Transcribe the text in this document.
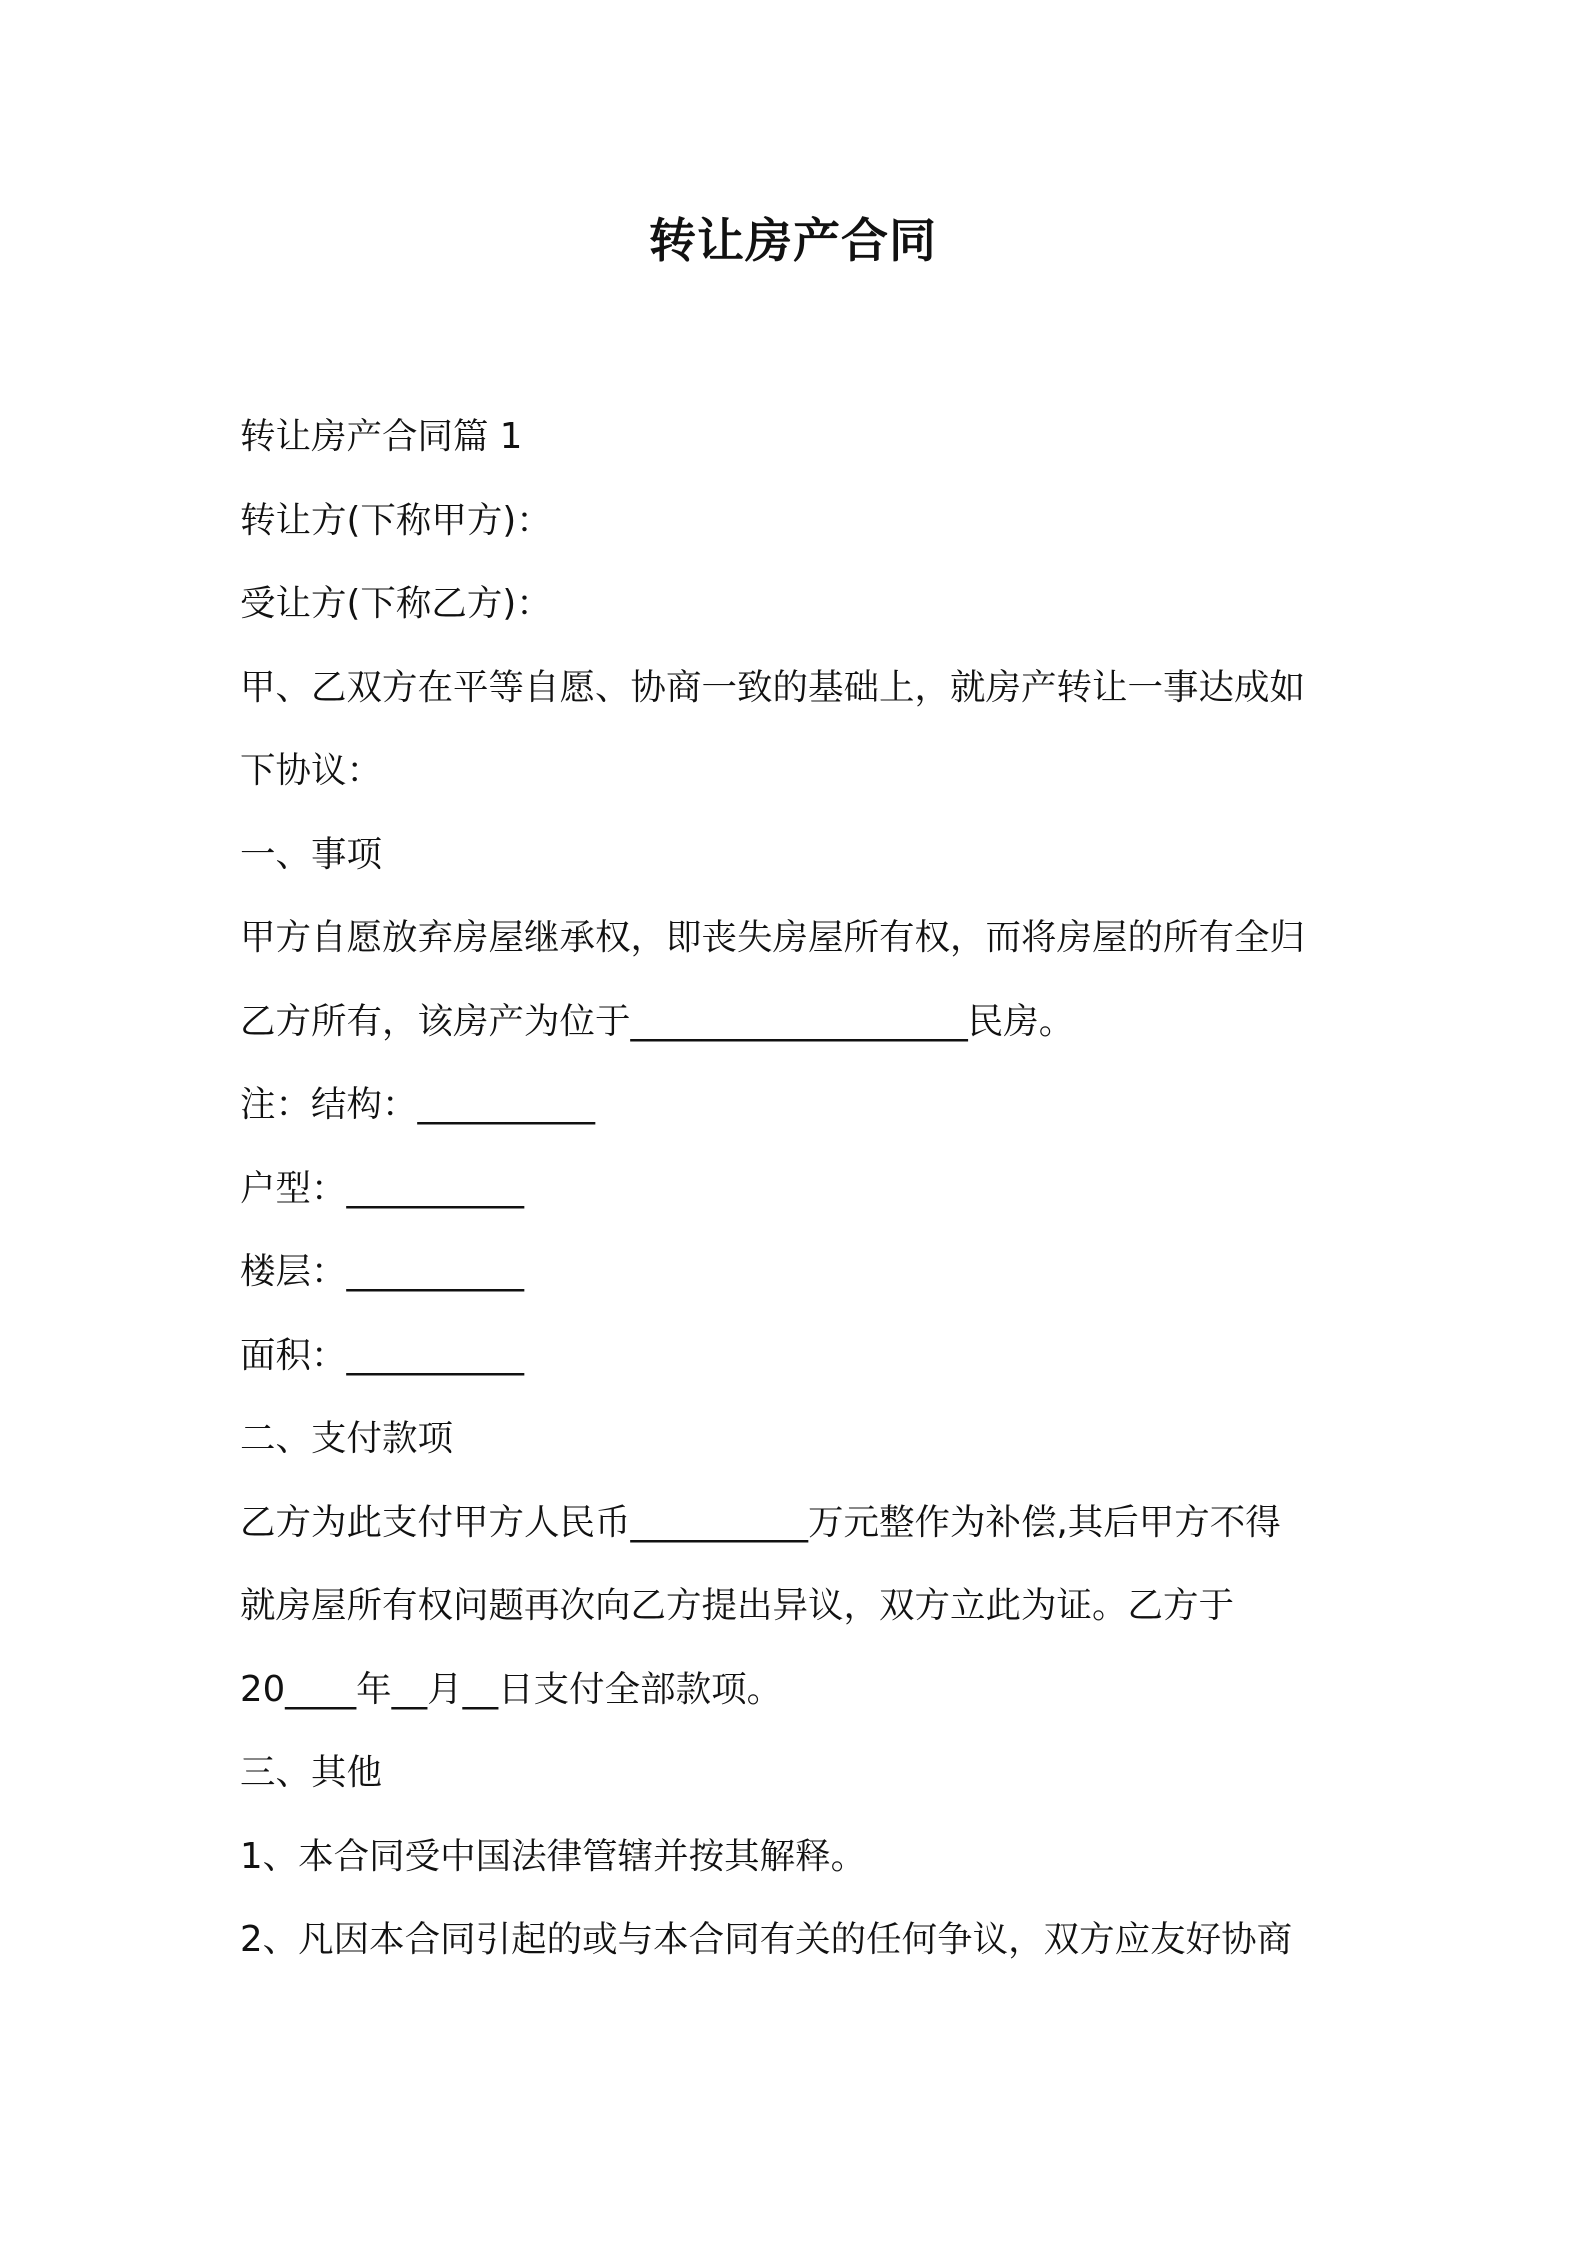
转让房产合同
转让房产合同篇 1
转让方(下称甲方)：
受让方(下称乙方)：
甲、乙双方在平等自愿、协商一致的基础上，就房产转让一事达成如
下协议：
一、事项
甲方自愿放弃房屋继承权，即丧失房屋所有权，而将房屋的所有全归
乙方所有，该房产为位于___________________民房。
注：结构：__________
户型：__________
楼层：__________
面积：__________
二、支付款项
乙方为此支付甲方人民币__________万元整作为补偿,其后甲方不得
就房屋所有权问题再次向乙方提出异议，双方立此为证。乙方于
20____年__月__日支付全部款项。
三、其他
1、本合同受中国法律管辖并按其解释。
2、凡因本合同引起的或与本合同有关的任何争议，双方应友好协商
